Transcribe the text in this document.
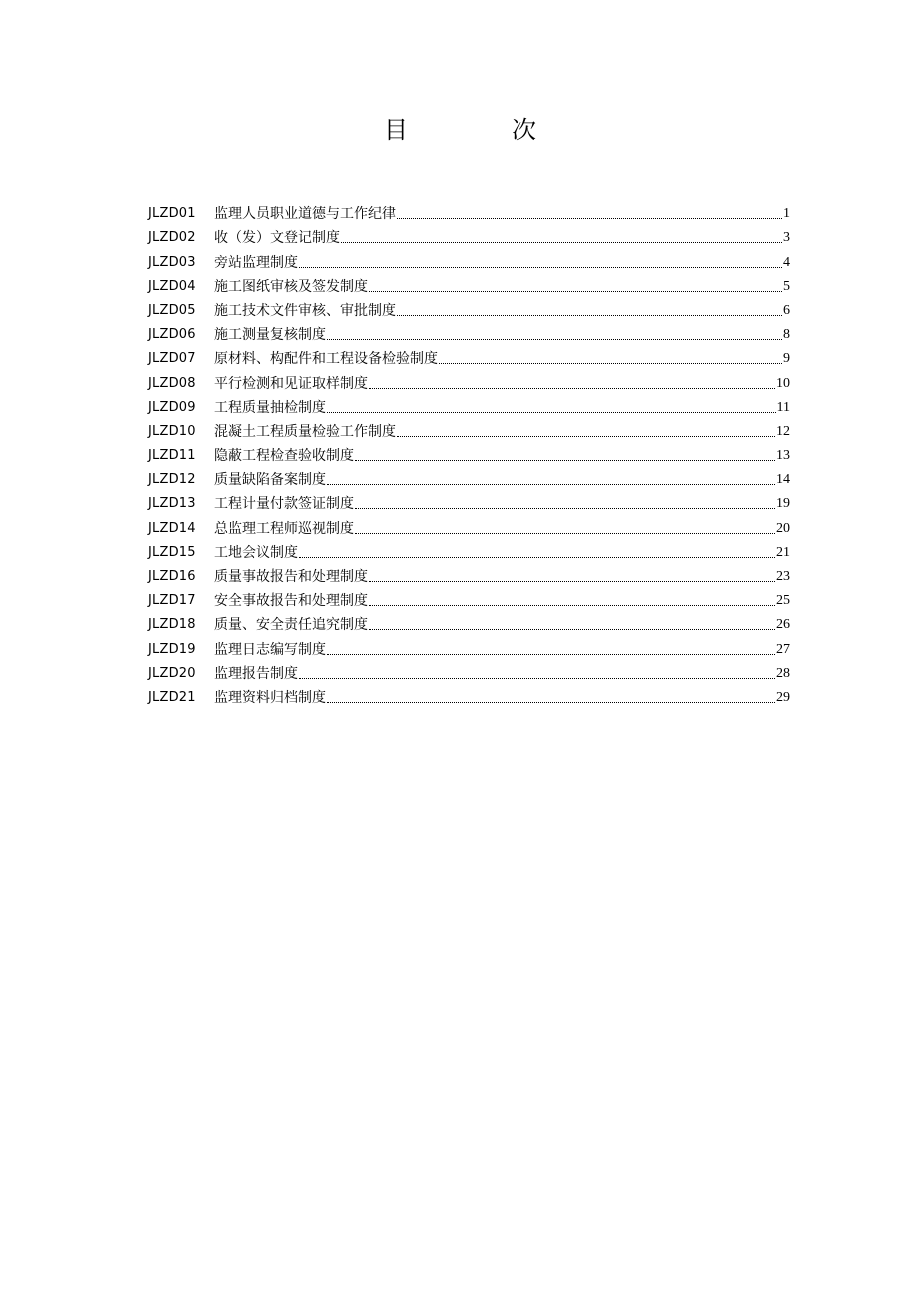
目　次
JLZD01	监理人员职业道德与工作纪律	1
JLZD02	收（发）文登记制度	3
JLZD03	旁站监理制度	4
JLZD04	施工图纸审核及签发制度	5
JLZD05	施工技术文件审核、审批制度	6
JLZD06	施工测量复核制度	8
JLZD07	原材料、构配件和工程设备检验制度	9
JLZD08	平行检测和见证取样制度	10
JLZD09	工程质量抽检制度	11
JLZD10	混凝土工程质量检验工作制度	12
JLZD11	隐蔽工程检查验收制度	13
JLZD12	质量缺陷备案制度	14
JLZD13	工程计量付款签证制度	19
JLZD14	总监理工程师巡视制度	20
JLZD15	工地会议制度	21
JLZD16	质量事故报告和处理制度	23
JLZD17	安全事故报告和处理制度	25
JLZD18	质量、安全责任追究制度	26
JLZD19	监理日志编写制度	27
JLZD20	监理报告制度	28
JLZD21	监理资料归档制度	29
